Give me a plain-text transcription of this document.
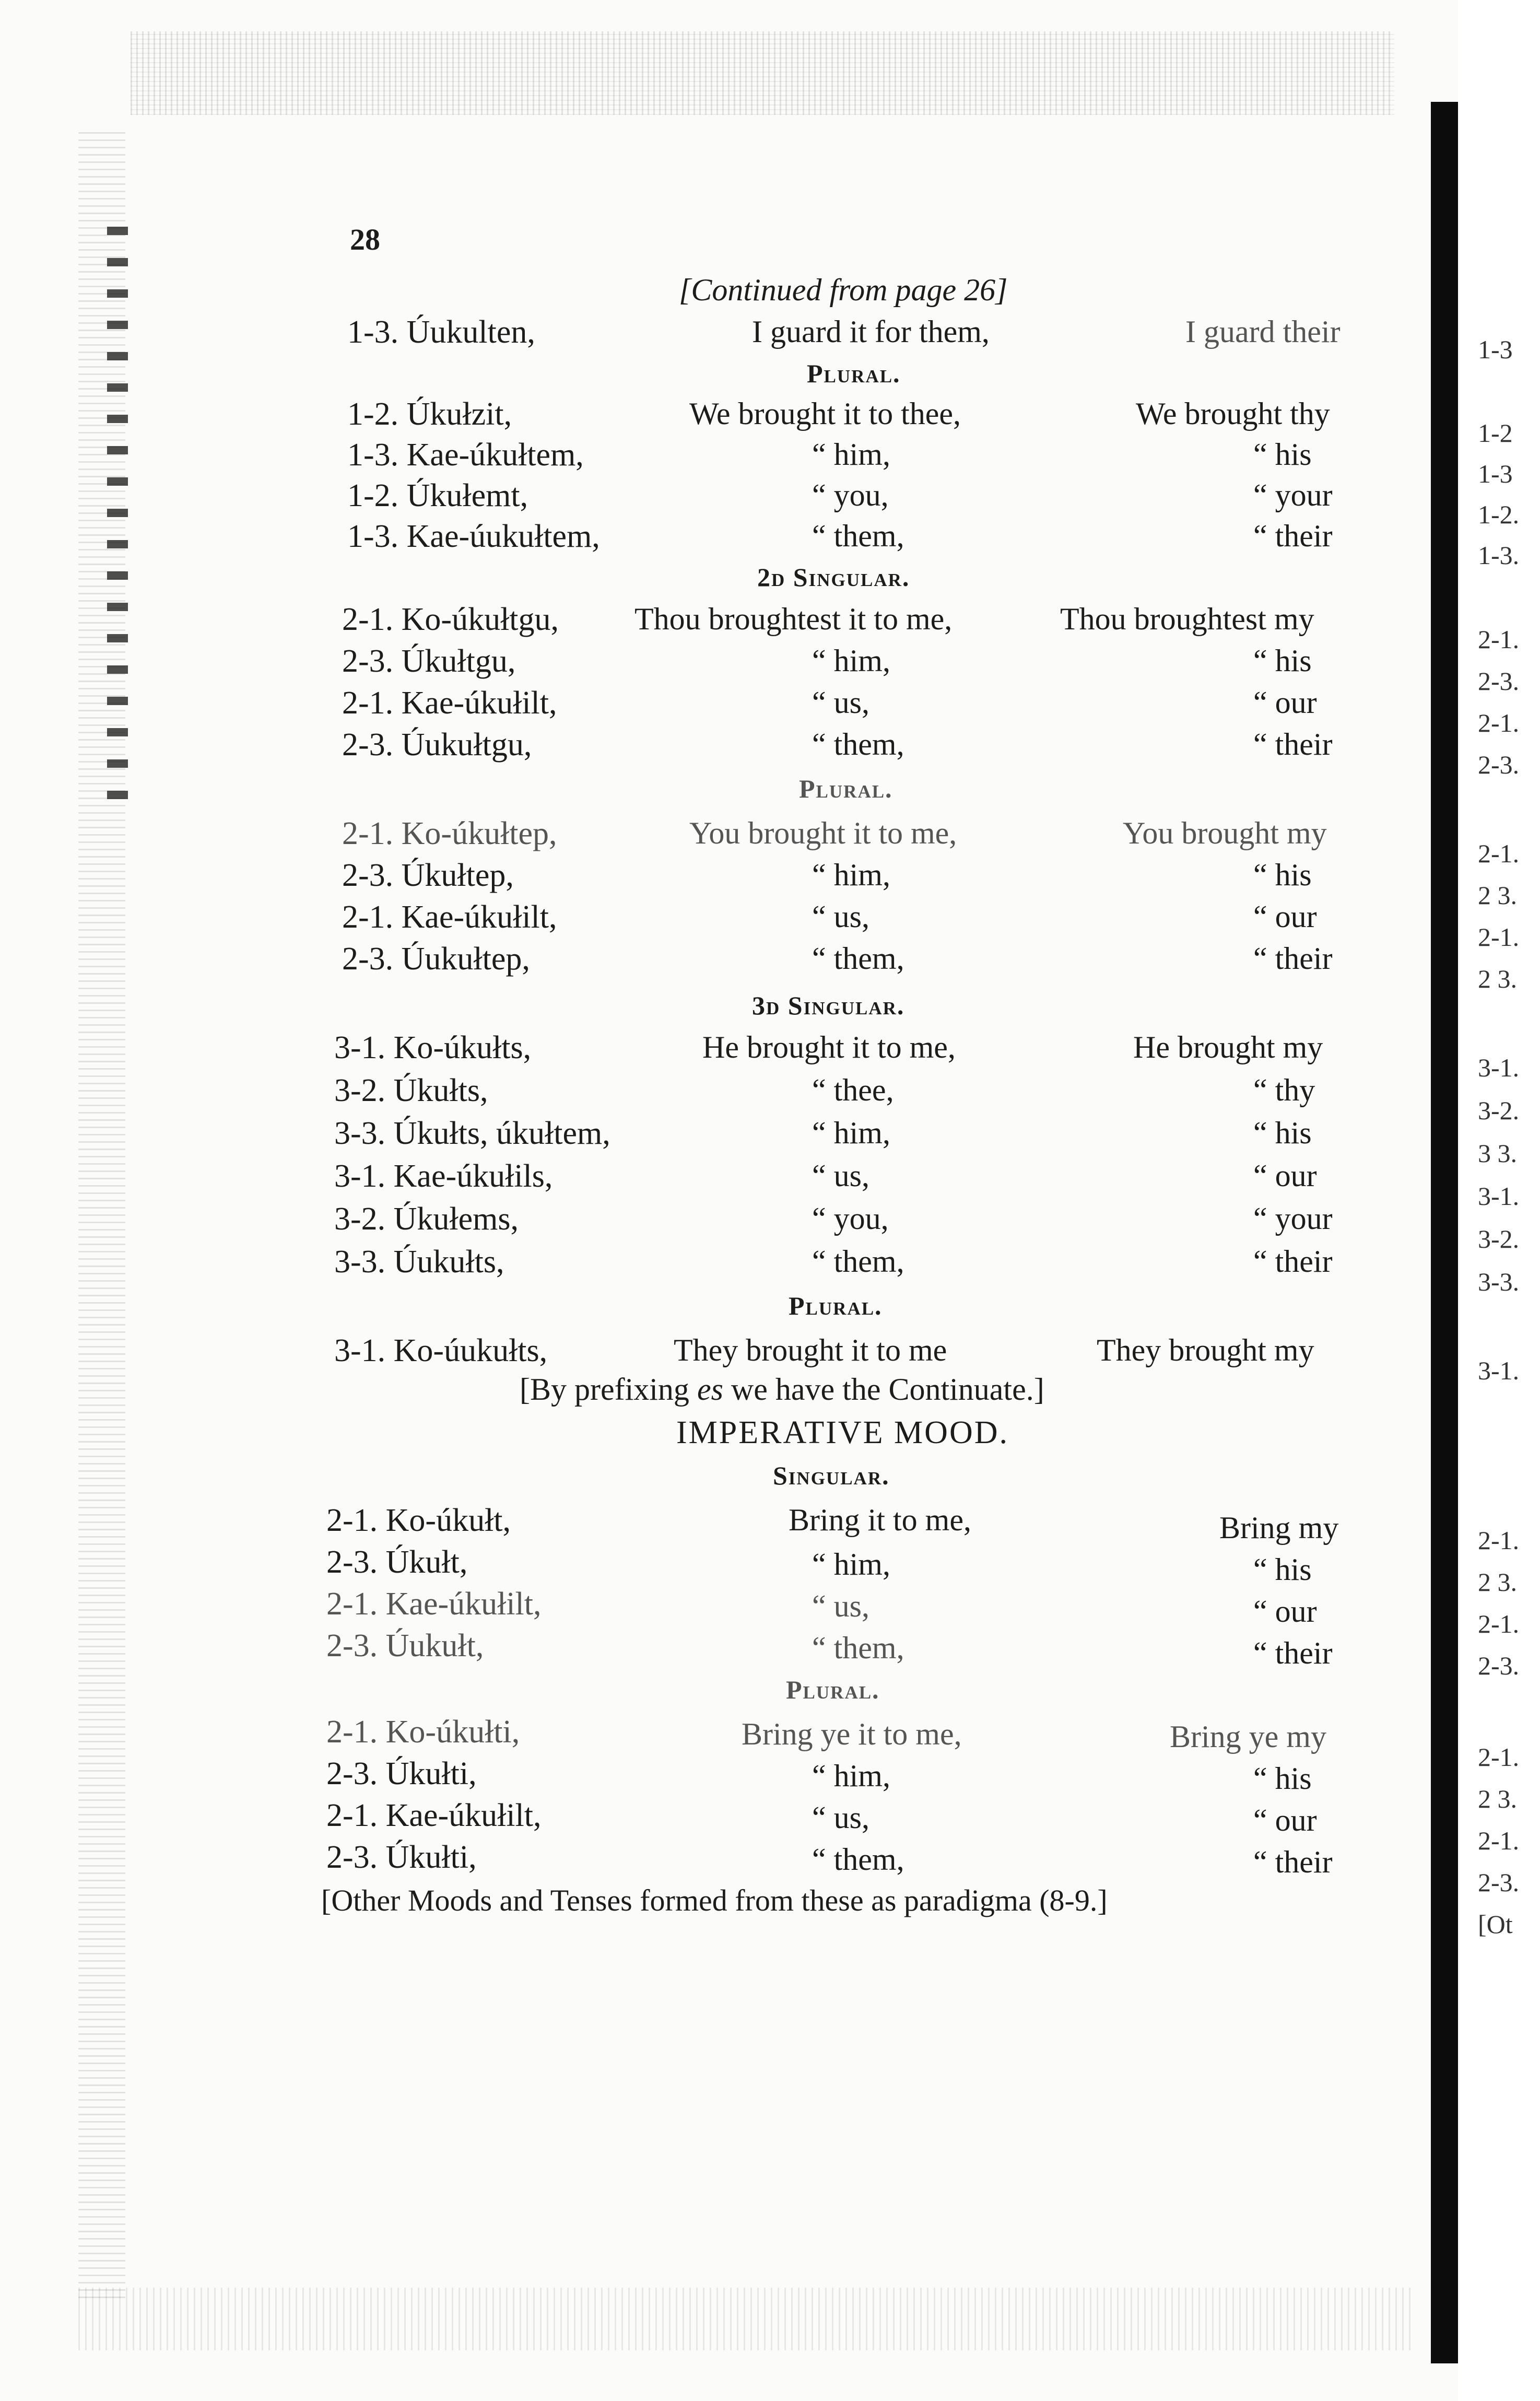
28
[Continued from page 26]
1-3. Úukulten,	I guard it for them,	I guard their
Plural.
1-2. Úkułzit,	We brought it to thee,	We brought thy
1-3. Kae-úkułtem,	“ him,	“ his
1-2. Úkułemt,	“ you,	“ your
1-3. Kae-úukułtem,	“ them,	“ their
2d Singular.
2-1. Ko-úkułtgu, Thou broughtest it to me,	Thou broughtest my
2-3. Úkułtgu,	“ him,	“ his
2-1. Kae-úkułilt,	“ us,	“ our
2-3. Úukułtgu,	“ them,	“ their
Plural.
2-1. Ko-úkułtep,	You brought it to me,	You brought my
2-3. Úkułtep,	“ him,	“ his
2-1. Kae-úkułilt,	“ us,	“ our
2-3. Úukułtep,	“ them,	“ their
3d Singular.
3-1. Ko-úkułts,	He brought it to me,	He brought my
3-2. Úkułts,	“ thee,	“ thy
3-3. Úkułts, úkułtem,	“ him,	“ his
3-1. Kae-úkułils,	“ us,	“ our
3-2. Úkułems,	“ you,	“ your
3-3. Úukułts,	“ them,	“ their
Plural.
3-1. Ko-úukułts,	They brought it to me	They brought my
[By prefixing es we have the Continuate.]
IMPERATIVE MOOD.
Singular.
2-1. Ko-úkułt,	Bring it to me,	Bring my
2-3. Úkułt,	“ him,	“ his
2-1. Kae-úkułilt,	“ us,	“ our
2-3. Úukułt,	“ them,	“ their
Plural.
2-1. Ko-úkułti,	Bring ye it to me,	Bring ye my
2-3. Úkułti,	“ him,	“ his
2-1. Kae-úkułilt,	“ us,	“ our
2-3. Úkułti,	“ them,	“ their
[Other Moods and Tenses formed from these as paradigma (8-9.]
1-3
1-2
1-3
1-2.
1-3.
2-1.
2-3.
2-1.
2-3.
2-1.
2 3.
2-1.
2 3.
3-1.
3-2.
3 3.
3-1.
3-2.
3-3.
3-1.
2-1.
2 3.
2-1.
2-3.
2-1.
2 3.
2-1.
2-3.
[Ot
